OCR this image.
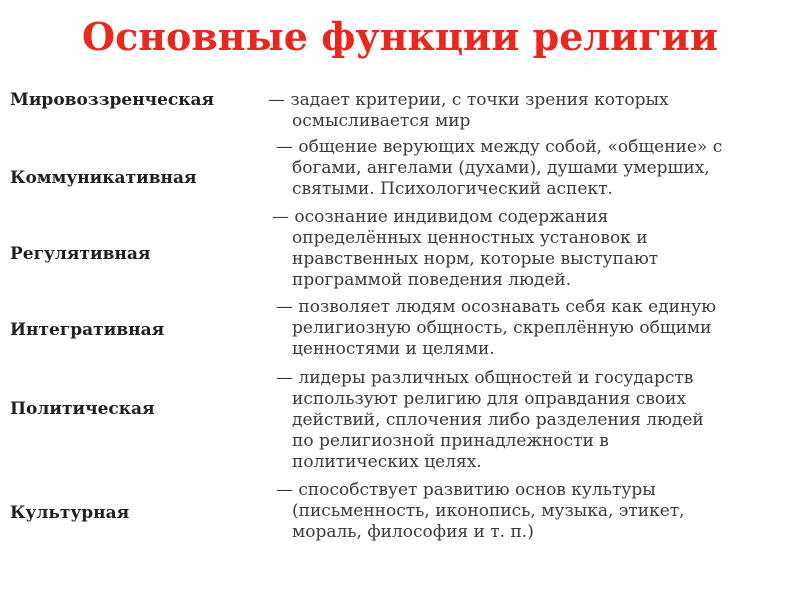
Основные функции религии
Мировоззренческая	— задает критерии, с точки зрения которых
осмысливается мир
Коммуникативная
— общение верующих между собой, «общение» с
богами, ангелами (духами), душами умерших,
святыми. Психологический аспект.
Регулятивная
— осознание индивидом содержания
определённых ценностных установок и
нравственных норм, которые выступают
программой поведения людей.
Интегративная
— позволяет людям осознавать себя как единую
религиозную общность, скреплённую общими
ценностями и целями.
Политическая
— лидеры различных общностей и государств
используют религию для оправдания своих
действий, сплочения либо разделения людей
по религиозной принадлежности в
политических целях.
Культурная
— способствует развитию основ культуры
(письменность, иконопись, музыка, этикет,
мораль, философия и т. п.)
